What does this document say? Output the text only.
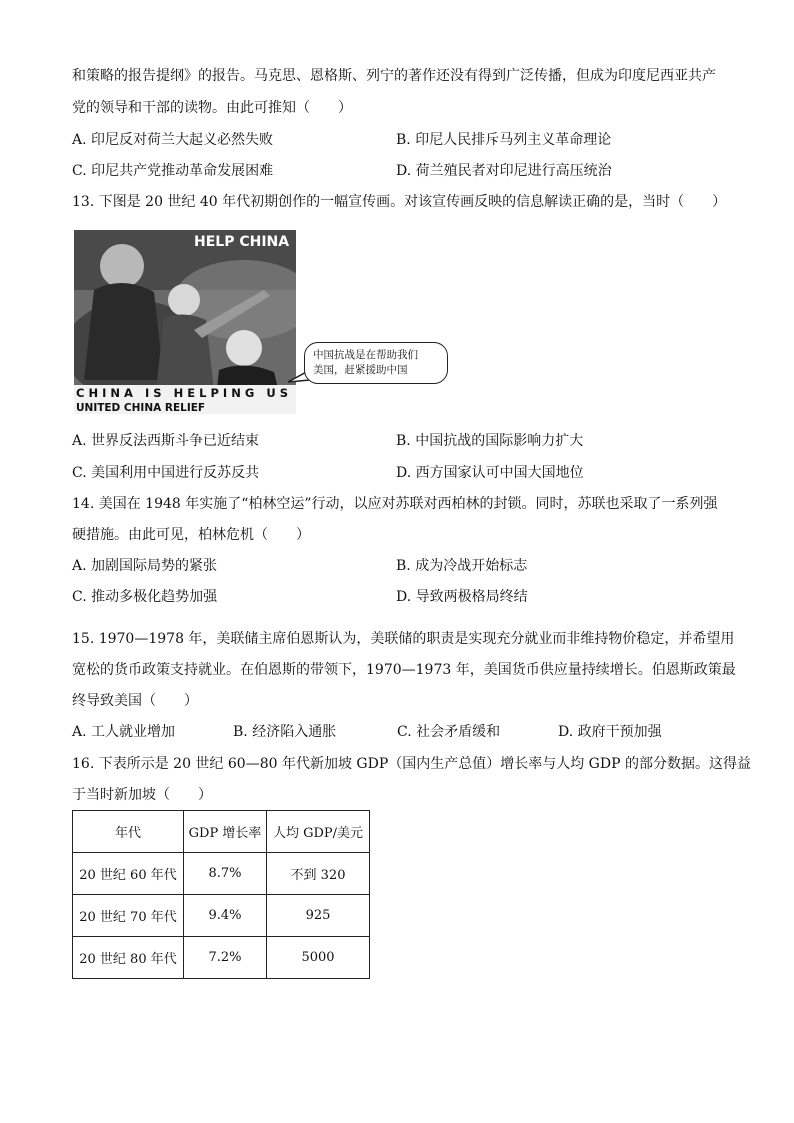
和策略的报告提纲》的报告。马克思、恩格斯、列宁的著作还没有得到广泛传播，但成为印度尼西亚共产
党的领导和干部的读物。由此可推知（　　）
A. 印尼反对荷兰大起义必然失败	B. 印尼人民排斥马列主义革命理论
C. 印尼共产党推动革命发展困难	D. 荷兰殖民者对印尼进行高压统治
13. 下图是 20 世纪 40 年代初期创作的一幅宣传画。对该宣传画反映的信息解读正确的是，当时（　　）
HELP CHINA
CHINA IS HELPING US
UNITED CHINA RELIEF
中国抗战是在帮助我们
美国，赶紧援助中国
A. 世界反法西斯斗争已近结束	B. 中国抗战的国际影响力扩大
C. 美国利用中国进行反苏反共	D. 西方国家认可中国大国地位
14. 美国在 1948 年实施了“柏林空运”行动，以应对苏联对西柏林的封锁。同时，苏联也采取了一系列强
硬措施。由此可见，柏林危机（　　）
A. 加剧国际局势的紧张	B. 成为冷战开始标志
C. 推动多极化趋势加强	D. 导致两极格局终结
15. 1970—1978 年，美联储主席伯恩斯认为，美联储的职责是实现充分就业而非维持物价稳定，并希望用
宽松的货币政策支持就业。在伯恩斯的带领下，1970—1973 年，美国货币供应量持续增长。伯恩斯政策最
终导致美国（　　）
A. 工人就业增加	B. 经济陷入通胀	C. 社会矛盾缓和	D. 政府干预加强
16. 下表所示是 20 世纪 60—80 年代新加坡 GDP（国内生产总值）增长率与人均 GDP 的部分数据。这得益
于当时新加坡（　　）
年代	GDP 增长率	人均 GDP/美元
20 世纪 60 年代	8.7%	不到 320
20 世纪 70 年代	9.4%	925
20 世纪 80 年代	7.2%	5000
